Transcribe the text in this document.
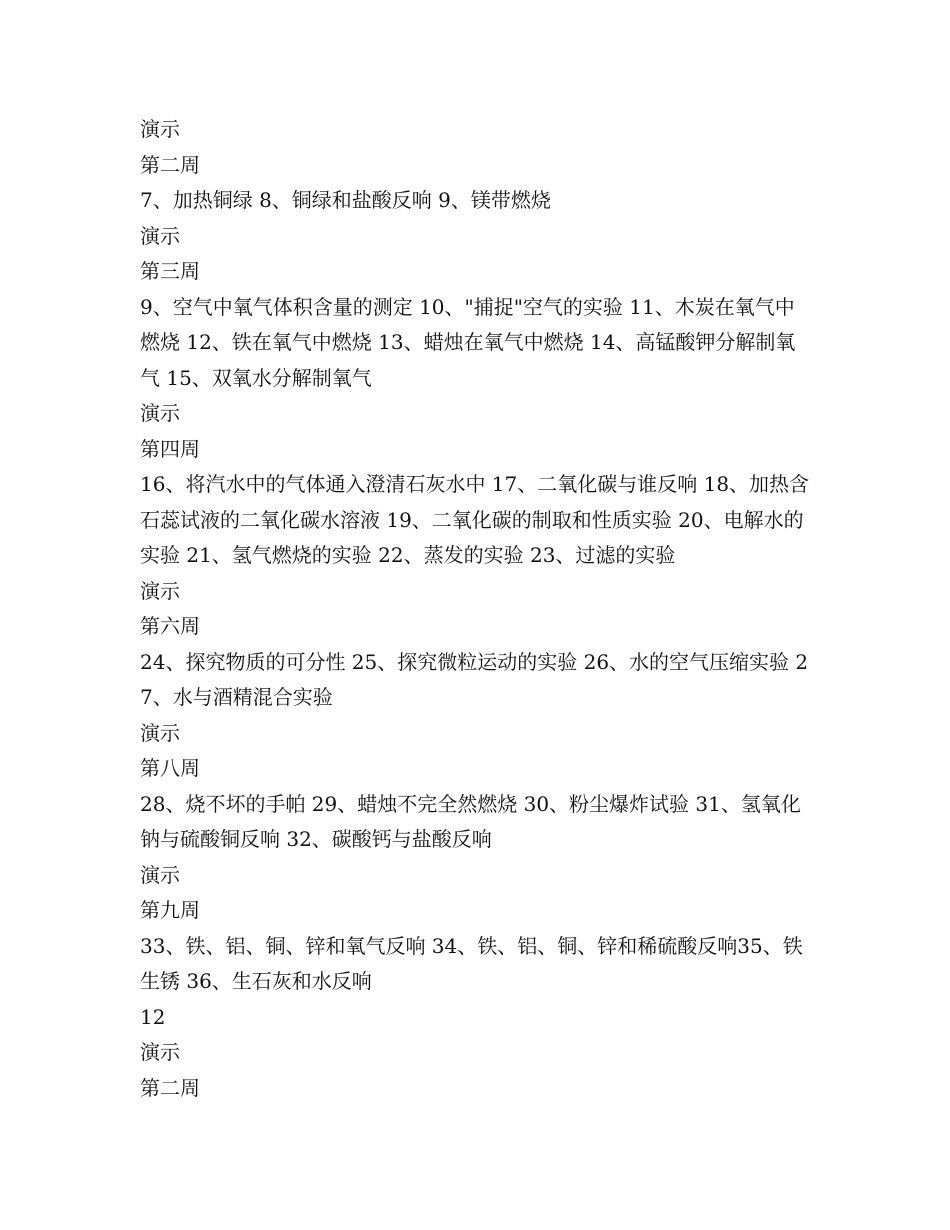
演示

第二周

7、加热铜绿 8、铜绿和盐酸反响 9、镁带燃烧

演示

第三周

9、空气中氧气体积含量的测定 10、"捕捉"空气的实验 11、木炭在氧气中燃烧 12、铁在氧气中燃烧 13、蜡烛在氧气中燃烧 14、高锰酸钾分解制氧气 15、双氧水分解制氧气

演示

第四周

16、将汽水中的气体通入澄清石灰水中 17、二氧化碳与谁反响 18、加热含石蕊试液的二氧化碳水溶液 19、二氧化碳的制取和性质实验 20、电解水的实验 21、氢气燃烧的实验 22、蒸发的实验 23、过滤的实验

演示

第六周

24、探究物质的可分性 25、探究微粒运动的实验 26、水的空气压缩实验 27、水与酒精混合实验

演示

第八周

28、烧不坏的手帕 29、蜡烛不完全然燃烧 30、粉尘爆炸试验 31、氢氧化钠与硫酸铜反响 32、碳酸钙与盐酸反响

演示

第九周

33、铁、铝、铜、锌和氧气反响 34、铁、铝、铜、锌和稀硫酸反响35、铁生锈 36、生石灰和水反响

12

演示

第二周
